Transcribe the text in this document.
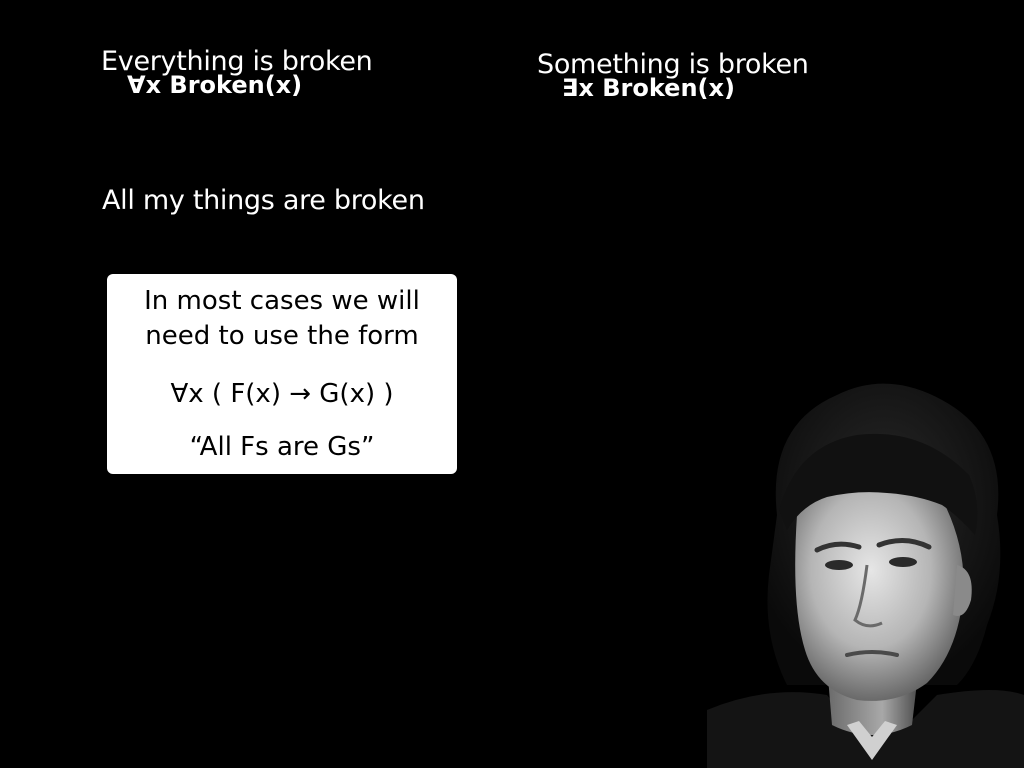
Everything is broken
∀x Broken(x)
Something is broken
∃x Broken(x)
All my things are broken
In most cases we will
need to use the form
∀x ( F(x) → G(x) )
“All Fs are Gs”
